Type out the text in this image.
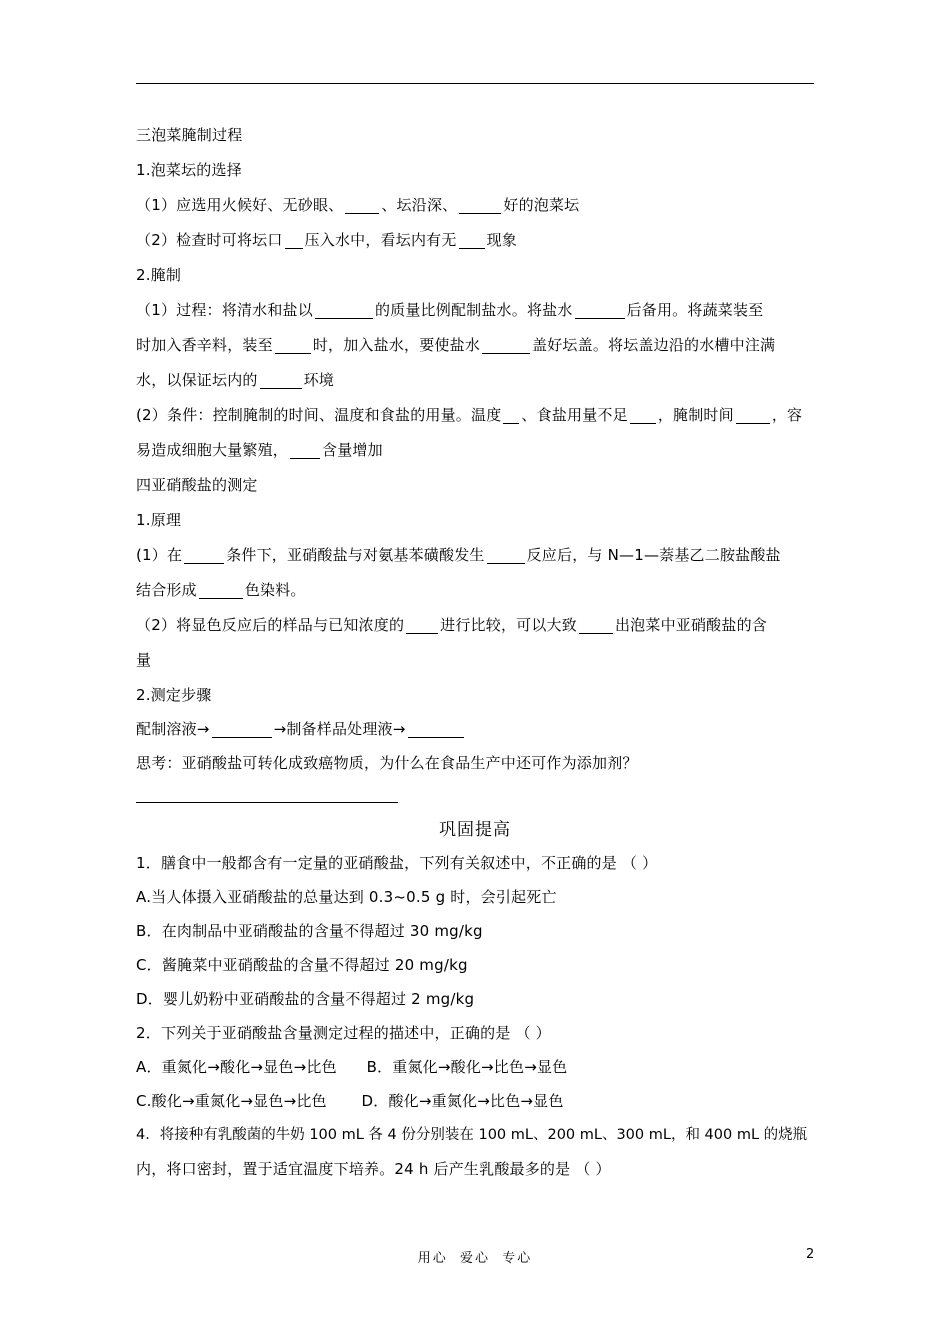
三泡菜腌制过程
1.泡菜坛的选择
（1）应选用火候好、无砂眼、	、坛沿深、	好的泡菜坛
（2）检查时可将坛口 压入水中，看坛内有无 现象
2.腌制
（1）过程：将清水和盐以	的质量比例配制盐水。将盐水	后备用。将蔬菜装至
时加入香辛料，装至	时，加入盐水，要使盐水	盖好坛盖。将坛盖边沿的水槽中注满
水，以保证坛内的	环境
(2）条件：控制腌制的时间、温度和食盐的用量。温度 、食盐用量不足 ，腌制时间	，容
易造成细胞大量繁殖， 含量增加
四亚硝酸盐的测定
1.原理
(1）在	条件下，亚硝酸盐与对氨基苯磺酸发生	反应后，与 N—1—萘基乙二胺盐酸盐
结合形成	色染料。
（2）将显色反应后的样品与已知浓度的 进行比较，可以大致	出泡菜中亚硝酸盐的含
量
2.测定步骤
配制溶液→	→制备样品处理液→
思考：亚硝酸盐可转化成致癌物质，为什么在食品生产中还可作为添加剂？
巩固提高
1．膳食中一般都含有一定量的亚硝酸盐，下列有关叙述中，不正确的是 （ ）
A.当人体摄入亚硝酸盐的总量达到 0.3~0.5 g 时，会引起死亡
B．在肉制品中亚硝酸盐的含量不得超过 30 mg/kg
C．酱腌菜中亚硝酸盐的含量不得超过 20 mg/kg
D．婴儿奶粉中亚硝酸盐的含量不得超过 2 mg/kg
2．下列关于亚硝酸盐含量测定过程的描述中，正确的是 （ ）
A．重氮化→酸化→显色→比色      B．重氮化→酸化→比色→显色
C.酸化→重氮化→显色→比色       D．酸化→重氮化→比色→显色
4．将接种有乳酸菌的牛奶 100 mL 各 4 份分别装在 100 mL、200 mL、300 mL，和 400 mL 的烧瓶
内，将口密封，置于适宜温度下培养。24 h 后产生乳酸最多的是 （ ）
用心  爱心  专心	2
